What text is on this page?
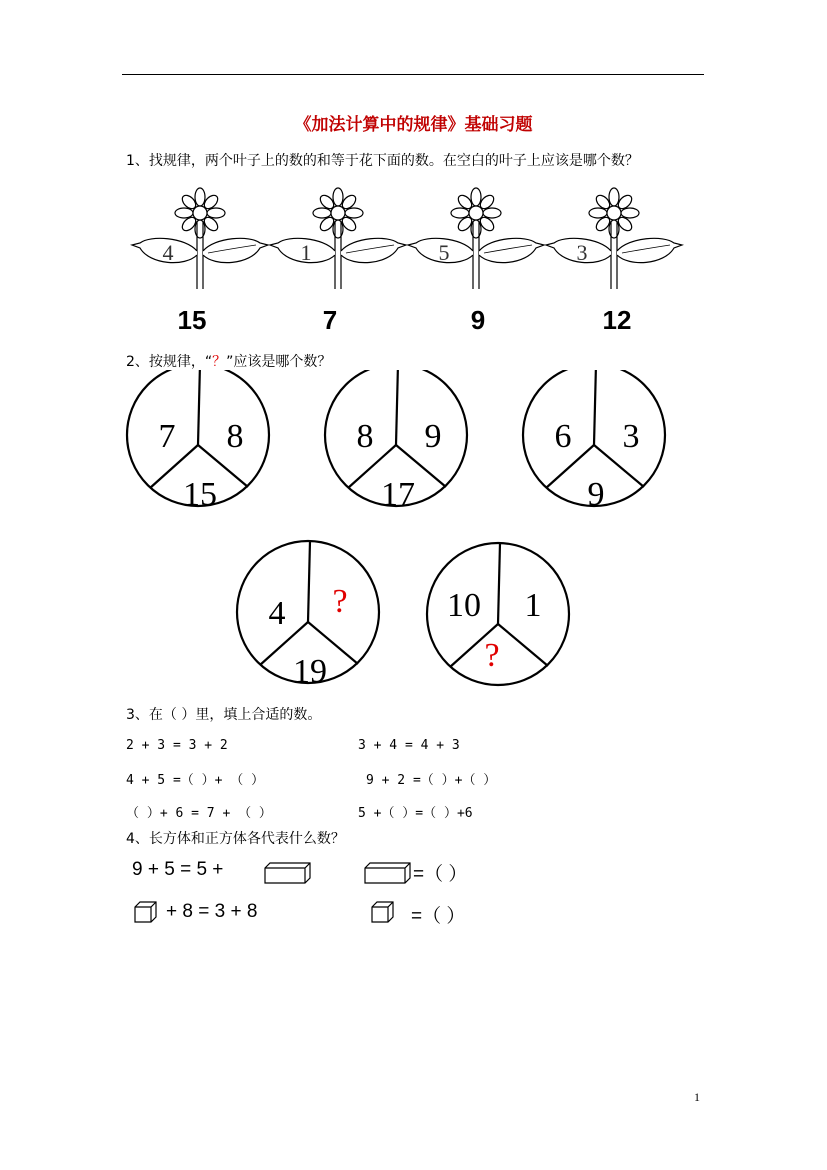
《加法计算中的规律》基础习题
1、找规律，两个叶子上的数的和等于花下面的数。在空白的叶子上应该是哪个数？
4	1	5	3
15	7	9	12
2、按规律，“？”应该是哪个数？
7 8
15
8 9
17
6 3
9
4 ?
19
10 1
?
3、在（ ）里，填上合适的数。
2 + 3 = 3 + 2	3 + 4 = 4 + 3
4 + 5 =（ ）+ （ ）	9 + 2 =（ ）+（ ）
（ ）+ 6 = 7 + （ ）	5 +（ ）=（ ）+6
4、长方体和正方体各代表什么数？
9 + 5 = 5 +	=（ ）
+ 8 = 3 + 8	=（ ）
1
